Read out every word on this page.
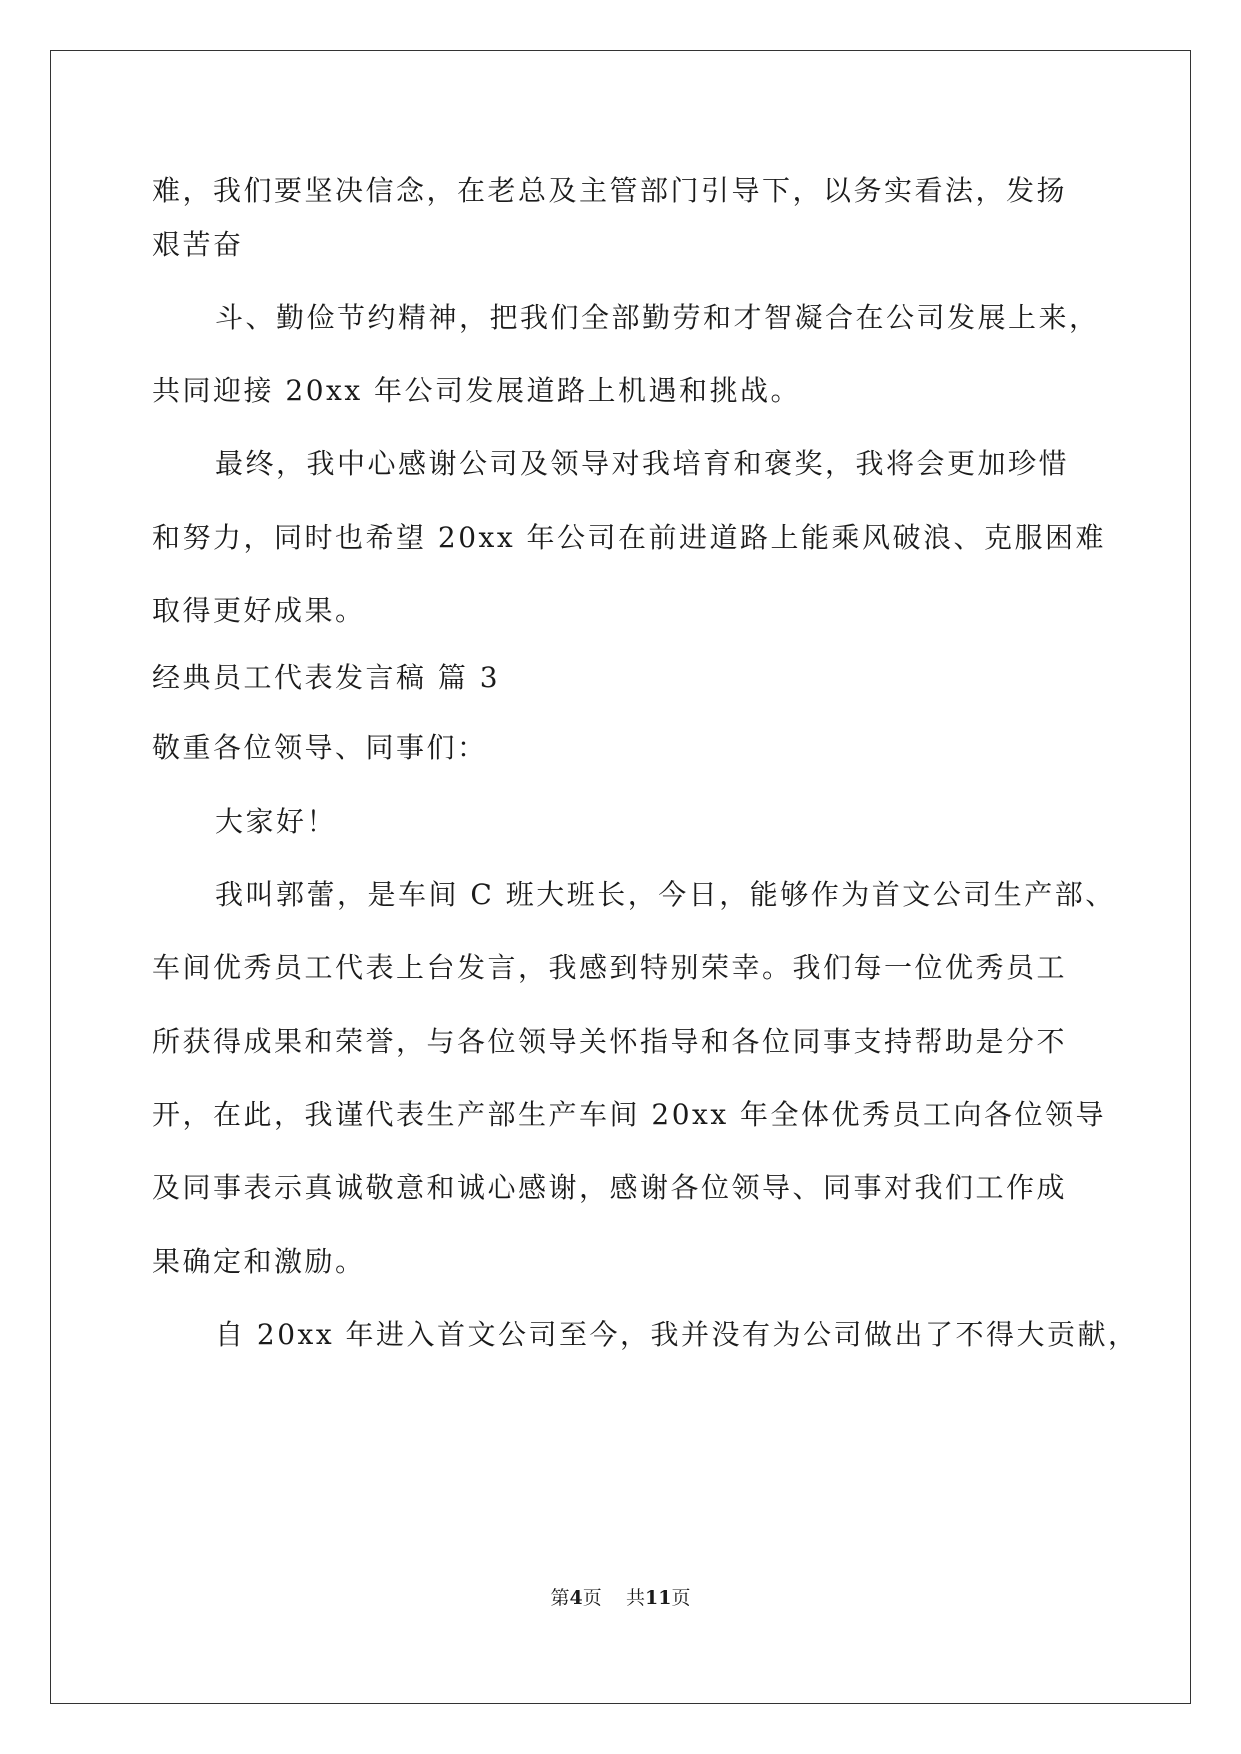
难，我们要坚决信念，在老总及主管部门引导下，以务实看法，发扬
艰苦奋
斗、勤俭节约精神，把我们全部勤劳和才智凝合在公司发展上来，
共同迎接 20xx 年公司发展道路上机遇和挑战。
最终，我中心感谢公司及领导对我培育和褒奖，我将会更加珍惜
和努力，同时也希望 20xx 年公司在前进道路上能乘风破浪、克服困难
取得更好成果。
经典员工代表发言稿 篇 3
敬重各位领导、同事们：
大家好！
我叫郭蕾，是车间 C 班大班长，今日，能够作为首文公司生产部、
车间优秀员工代表上台发言，我感到特别荣幸。我们每一位优秀员工
所获得成果和荣誉，与各位领导关怀指导和各位同事支持帮助是分不
开，在此，我谨代表生产部生产车间 20xx 年全体优秀员工向各位领导
及同事表示真诚敬意和诚心感谢，感谢各位领导、同事对我们工作成
果确定和激励。
自 20xx 年进入首文公司至今，我并没有为公司做出了不得大贡献，
第4页 共11页
